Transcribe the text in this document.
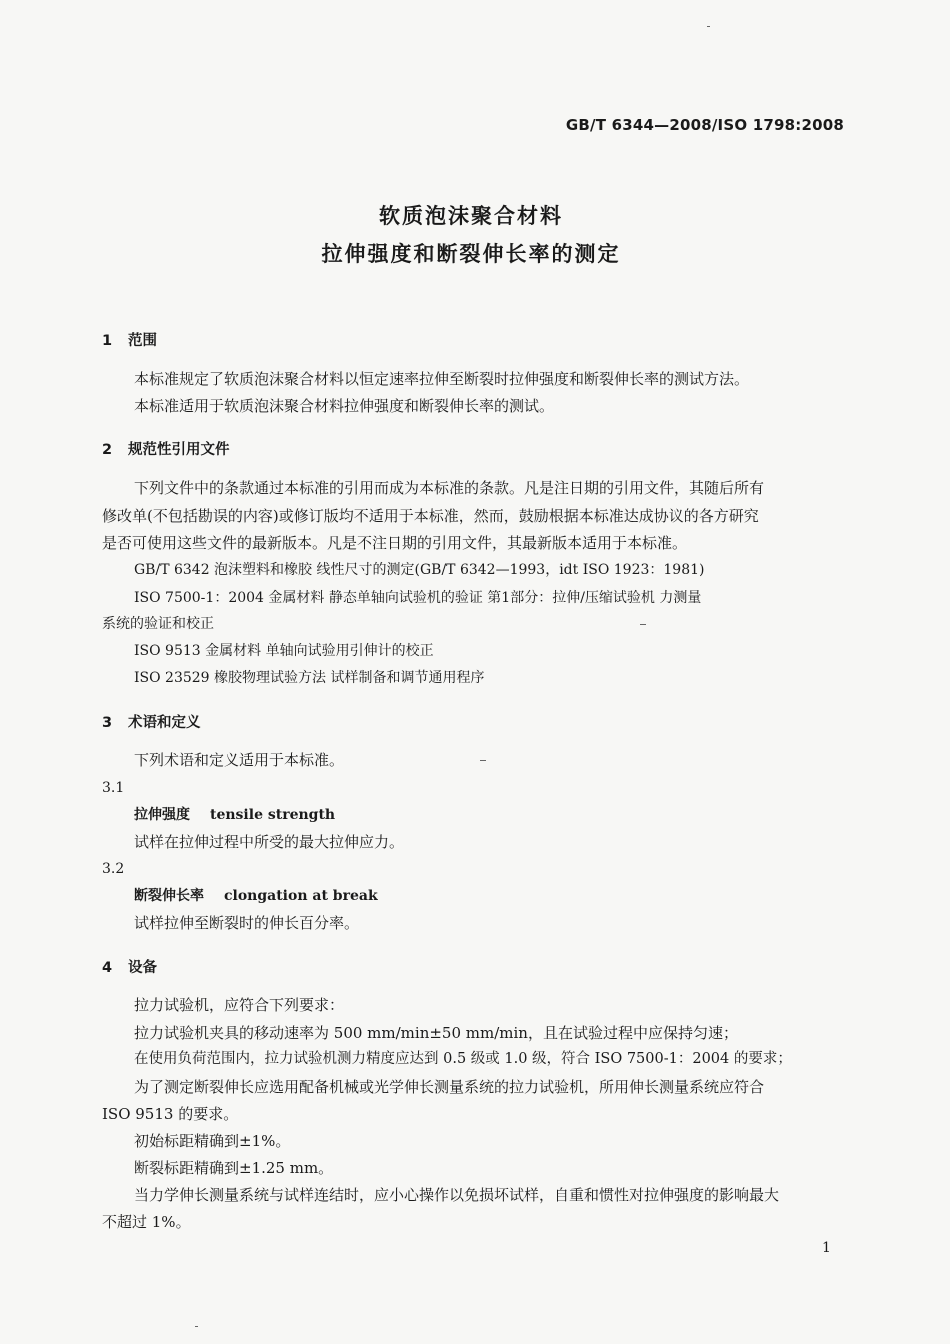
GB/T 6344—2008/ISO 1798:2008
软质泡沫聚合材料
拉伸强度和断裂伸长率的测定
1 范围
本标准规定了软质泡沫聚合材料以恒定速率拉伸至断裂时拉伸强度和断裂伸长率的测试方法。
本标准适用于软质泡沫聚合材料拉伸强度和断裂伸长率的测试。
2 规范性引用文件
下列文件中的条款通过本标准的引用而成为本标准的条款。凡是注日期的引用文件，其随后所有
修改单(不包括勘误的内容)或修订版均不适用于本标准，然而，鼓励根据本标准达成协议的各方研究
是否可使用这些文件的最新版本。凡是不注日期的引用文件，其最新版本适用于本标准。
GB/T 6342 泡沫塑料和橡胶 线性尺寸的测定(GB/T 6342—1993，idt ISO 1923：1981)
ISO 7500-1：2004 金属材料 静态单轴向试验机的验证 第1部分：拉伸/压缩试验机 力测量
系统的验证和校正
ISO 9513 金属材料 单轴向试验用引伸计的校正
ISO 23529 橡胶物理试验方法 试样制备和调节通用程序
3 术语和定义
下列术语和定义适用于本标准。
3.1
拉伸强度 tensile strength
试样在拉伸过程中所受的最大拉伸应力。
3.2
断裂伸长率 clongation at break
试样拉伸至断裂时的伸长百分率。
4 设备
拉力试验机，应符合下列要求：
拉力试验机夹具的移动速率为 500 mm/min±50 mm/min，且在试验过程中应保持匀速；
在使用负荷范围内，拉力试验机测力精度应达到 0.5 级或 1.0 级，符合 ISO 7500-1：2004 的要求；
为了测定断裂伸长应选用配备机械或光学伸长测量系统的拉力试验机，所用伸长测量系统应符合
ISO 9513 的要求。
初始标距精确到±1%。
断裂标距精确到±1.25 mm。
当力学伸长测量系统与试样连结时，应小心操作以免损坏试样，自重和惯性对拉伸强度的影响最大
不超过 1%。
1
